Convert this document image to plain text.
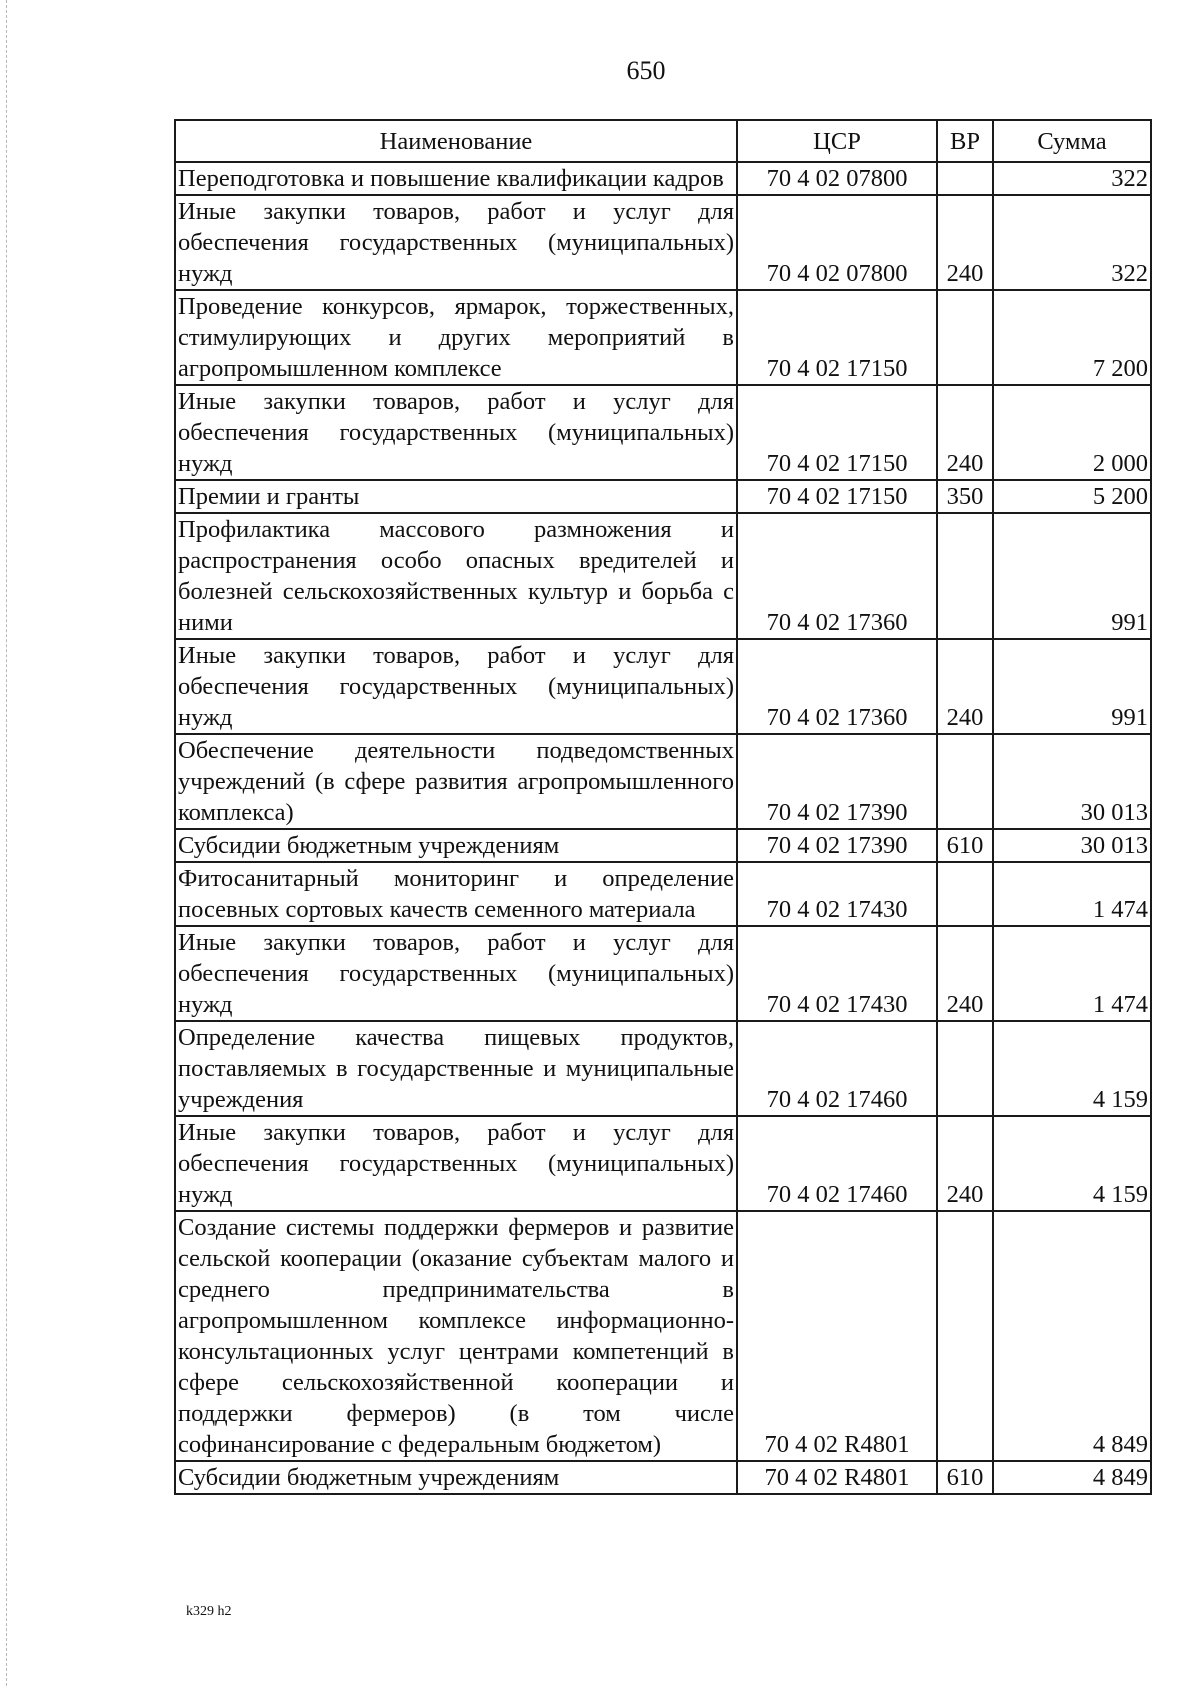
650
Наименование	ЦСР	ВР	Сумма
Переподготовка и повышение квалификации кадров	70 4 02 07800		322
Иные закупки товаров, работ и услуг для обеспечения государственных (муниципальных) нужд	70 4 02 07800	240	322
Проведение конкурсов, ярмарок, торжественных, стимулирующих и других мероприятий в агропромышленном комплексе	70 4 02 17150		7 200
Иные закупки товаров, работ и услуг для обеспечения государственных (муниципальных) нужд	70 4 02 17150	240	2 000
Премии и гранты	70 4 02 17150	350	5 200
Профилактика массового размножения и распространения особо опасных вредителей и болезней сельскохозяйственных культур и борьба с ними	70 4 02 17360		991
Иные закупки товаров, работ и услуг для обеспечения государственных (муниципальных) нужд	70 4 02 17360	240	991
Обеспечение деятельности подведомственных учреждений (в сфере развития агропромышленного комплекса)	70 4 02 17390		30 013
Субсидии бюджетным учреждениям	70 4 02 17390	610	30 013
Фитосанитарный мониторинг и определение посевных сортовых качеств семенного материала	70 4 02 17430		1 474
Иные закупки товаров, работ и услуг для обеспечения государственных (муниципальных) нужд	70 4 02 17430	240	1 474
Определение качества пищевых продуктов, поставляемых в государственные и муниципальные учреждения	70 4 02 17460		4 159
Иные закупки товаров, работ и услуг для обеспечения государственных (муниципальных) нужд	70 4 02 17460	240	4 159
Создание системы поддержки фермеров и развитие сельской кооперации (оказание субъектам малого и среднего предпринимательства в агропромышленном комплексе информационно-консультационных услуг центрами компетенций в сфере сельскохозяйственной кооперации и поддержки фермеров) (в том числе софинансирование с федеральным бюджетом)	70 4 02 R4801		4 849
Субсидии бюджетным учреждениям	70 4 02 R4801	610	4 849
k329 h2
